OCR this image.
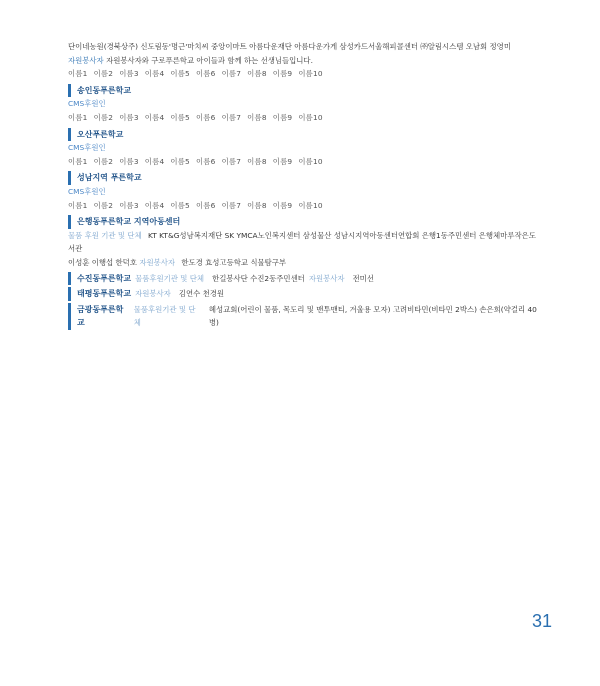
단이네농원(경북상주) 신도림동'명근'마치씨 중앙이마트 아름다운재단 아름다운가게 삼성카드서울해피콜센터 ㈜알림시스템 오남회 정영미

자원봉사자 자원봉사자와 구로푸른학교 아이들과 함께 하는 선생님들입니다.

이름1 이름2 이름3 이름4 이름5 이름6 이름7 이름8 이름9 이름10

송인동푸른학교
CMS후원인

이름1 이름2 이름3 이름4 이름5 이름6 이름7 이름8 이름9 이름10

오산푸른학교
CMS후원인

이름1 이름2 이름3 이름4 이름5 이름6 이름7 이름8 이름9 이름10

성남지역 푸른학교
CMS후원인

이름1 이름2 이름3 이름4 이름5 이름6 이름7 이름8 이름9 이름10

은행동푸른학교 지역아동센터

물품 후원 기관 및 단체 KT KT&G성남복지재단 SK YMCA노인복지센터 삼성물산 성남시지역아동센터연합회 은행1동주민센터 은행체마루작은도서관

이성훈 이행섭 한덕호 자원봉사자 한도경 효성고등학교 식물탐구부

수진동푸른학교 물품후원기관 및 단체 한길봉사단 수진2동주민센터 자원봉사자 전미선
태평동푸른학교 자원봉사자 김연수 천경원
금광동푸른학교
물품후원기관 및 단체
혜성교회(어린이 물품, 목도리 및 맨투맨티, 겨울용 모자) 고려비타민(비타민 2박스) 손은희(약걸리 40병)
31
